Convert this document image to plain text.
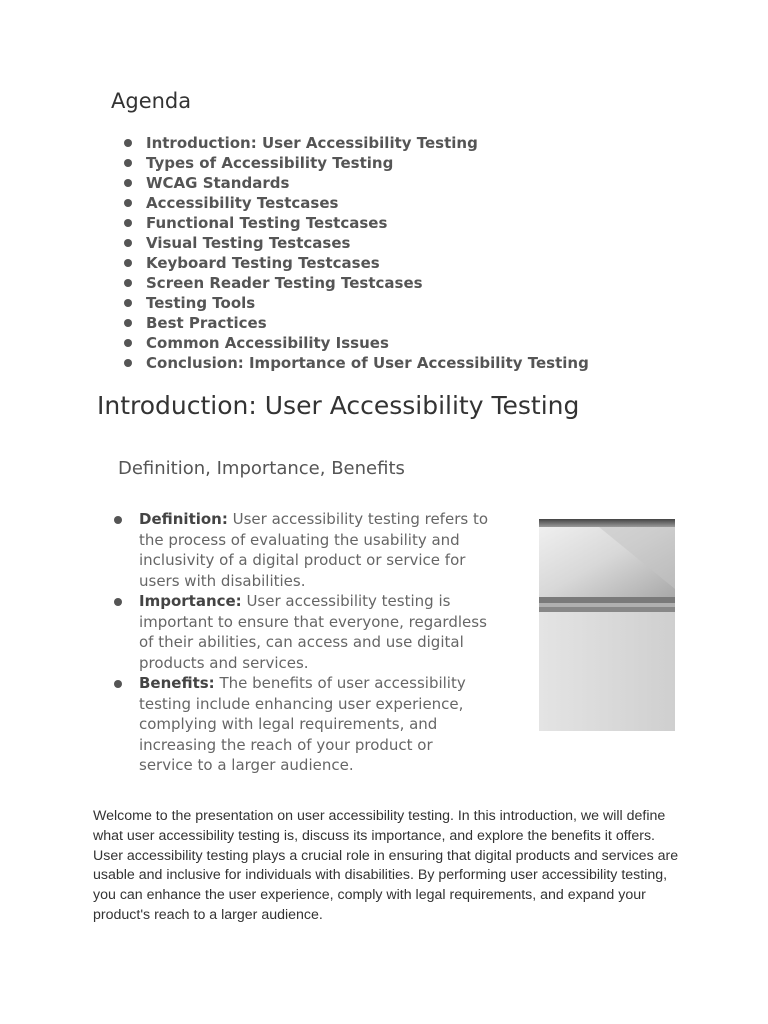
Agenda
Introduction: User Accessibility Testing
Types of Accessibility Testing
WCAG Standards
Accessibility Testcases
Functional Testing Testcases
Visual Testing Testcases
Keyboard Testing Testcases
Screen Reader Testing Testcases
Testing Tools
Best Practices
Common Accessibility Issues
Conclusion: Importance of User Accessibility Testing
Introduction: User Accessibility Testing
Definition, Importance, Benefits
Definition: User accessibility testing refers to the process of evaluating the usability and inclusivity of a digital product or service for users with disabilities.
Importance: User accessibility testing is important to ensure that everyone, regardless of their abilities, can access and use digital products and services.
Benefits: The benefits of user accessibility testing include enhancing user experience, complying with legal requirements, and increasing the reach of your product or service to a larger audience.

Welcome to the presentation on user accessibility testing. In this introduction, we will define what user accessibility testing is, discuss its importance, and explore the benefits it offers. User accessibility testing plays a crucial role in ensuring that digital products and services are usable and inclusive for individuals with disabilities. By performing user accessibility testing, you can enhance the user experience, comply with legal requirements, and expand your product's reach to a larger audience.
